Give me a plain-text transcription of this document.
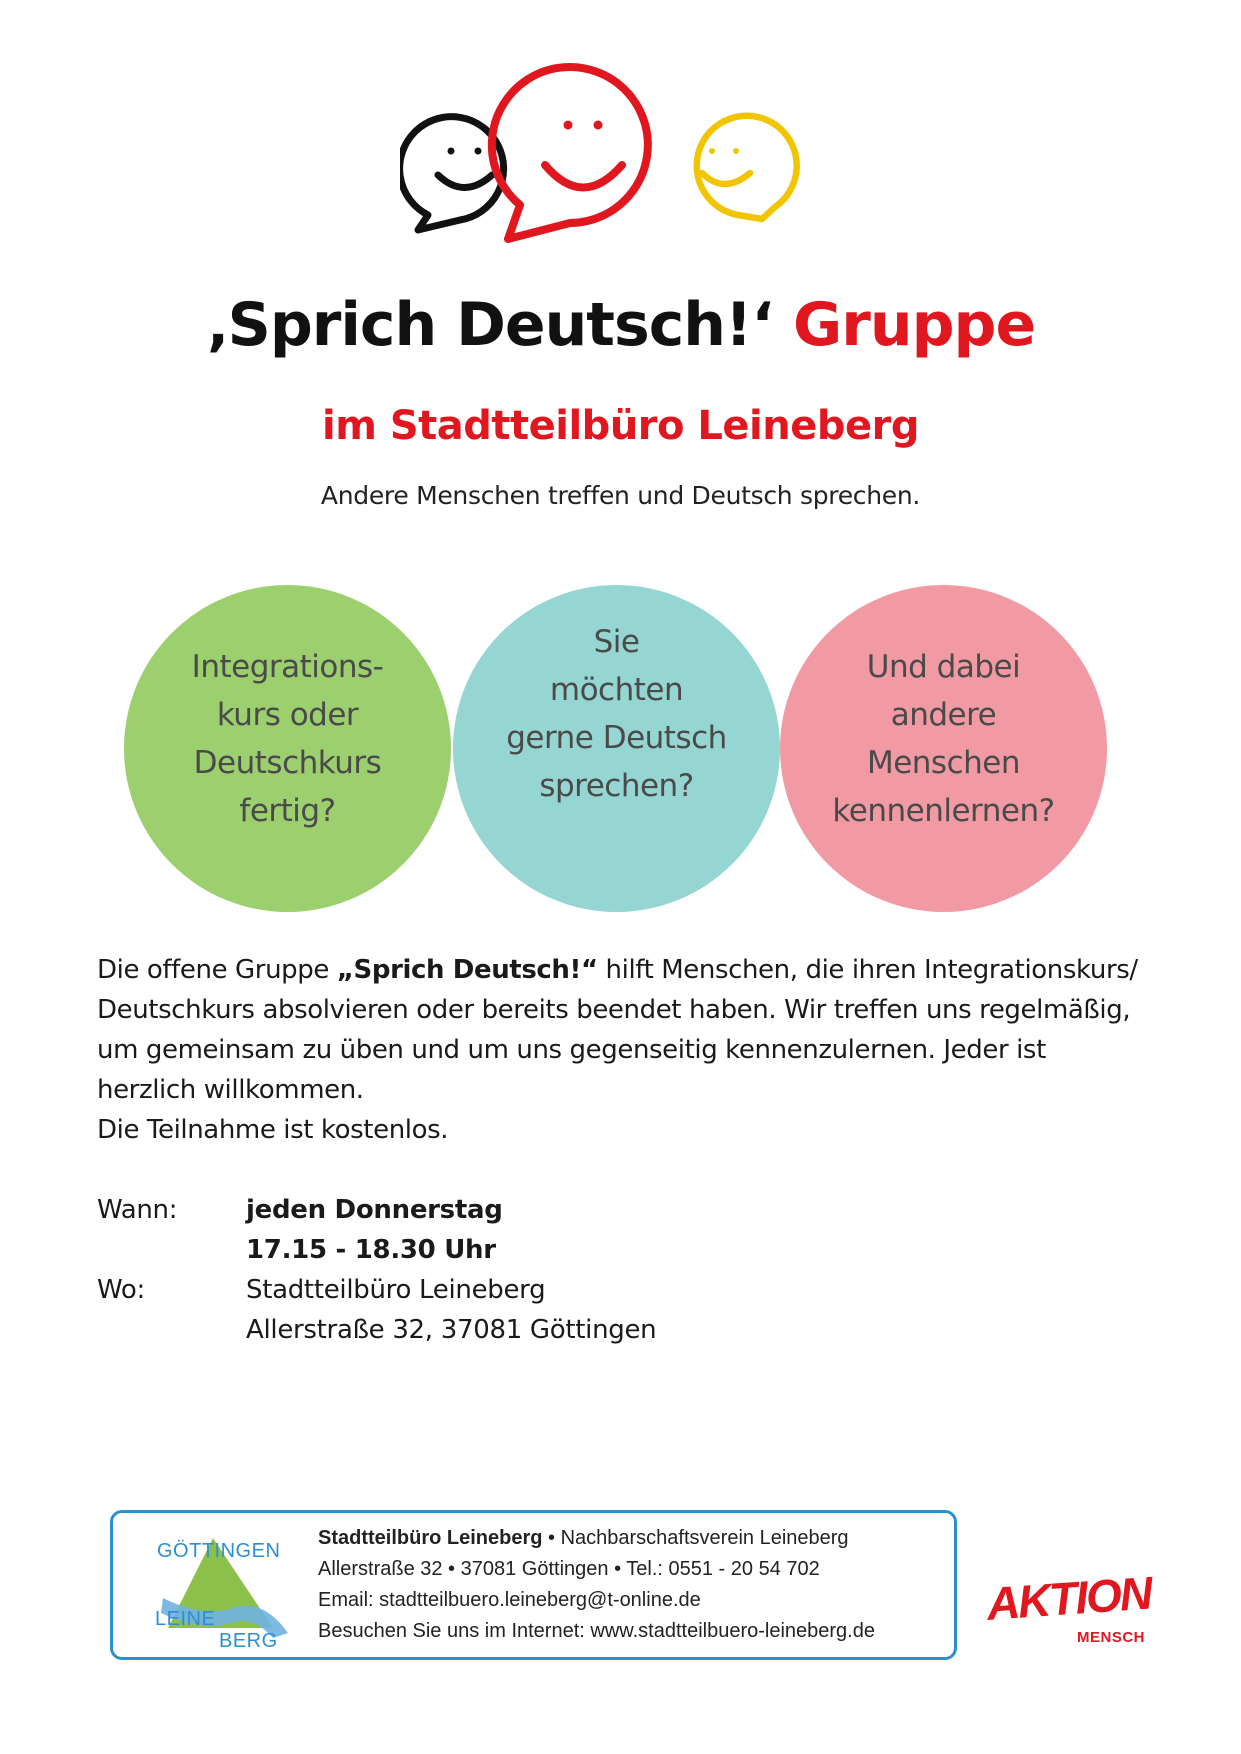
‚Sprich Deutsch!‘ Gruppe
im Stadtteilbüro Leineberg
Andere Menschen treffen und Deutsch sprechen.
Integrations-
kurs oder
Deutschkurs
fertig?
Sie
möchten
gerne Deutsch
sprechen?
Und dabei
andere
Menschen
kennenlernen?
Die offene Gruppe „Sprich Deutsch!“ hilft Menschen, die ihren Integrationskurs/ Deutschkurs absolvieren oder bereits beendet haben. Wir treffen uns regelmäßig, um gemeinsam zu üben und um uns gegenseitig kennenzulernen. Jeder ist herzlich willkommen.
Die Teilnahme ist kostenlos.
Wann:	jeden Donnerstag
17.15 - 18.30 Uhr
Wo:	Stadtteilbüro Leineberg
Allerstraße 32, 37081 Göttingen
GÖTTINGEN
LEINE
BERG
Stadtteilbüro Leineberg • Nachbarschaftsverein Leineberg
Allerstraße 32 • 37081 Göttingen • Tel.: 0551 - 20 54 702
Email: stadtteilbuero.leineberg@t-online.de
Besuchen Sie uns im Internet: www.stadtteilbuero-leineberg.de
AKTION
MENSCH
